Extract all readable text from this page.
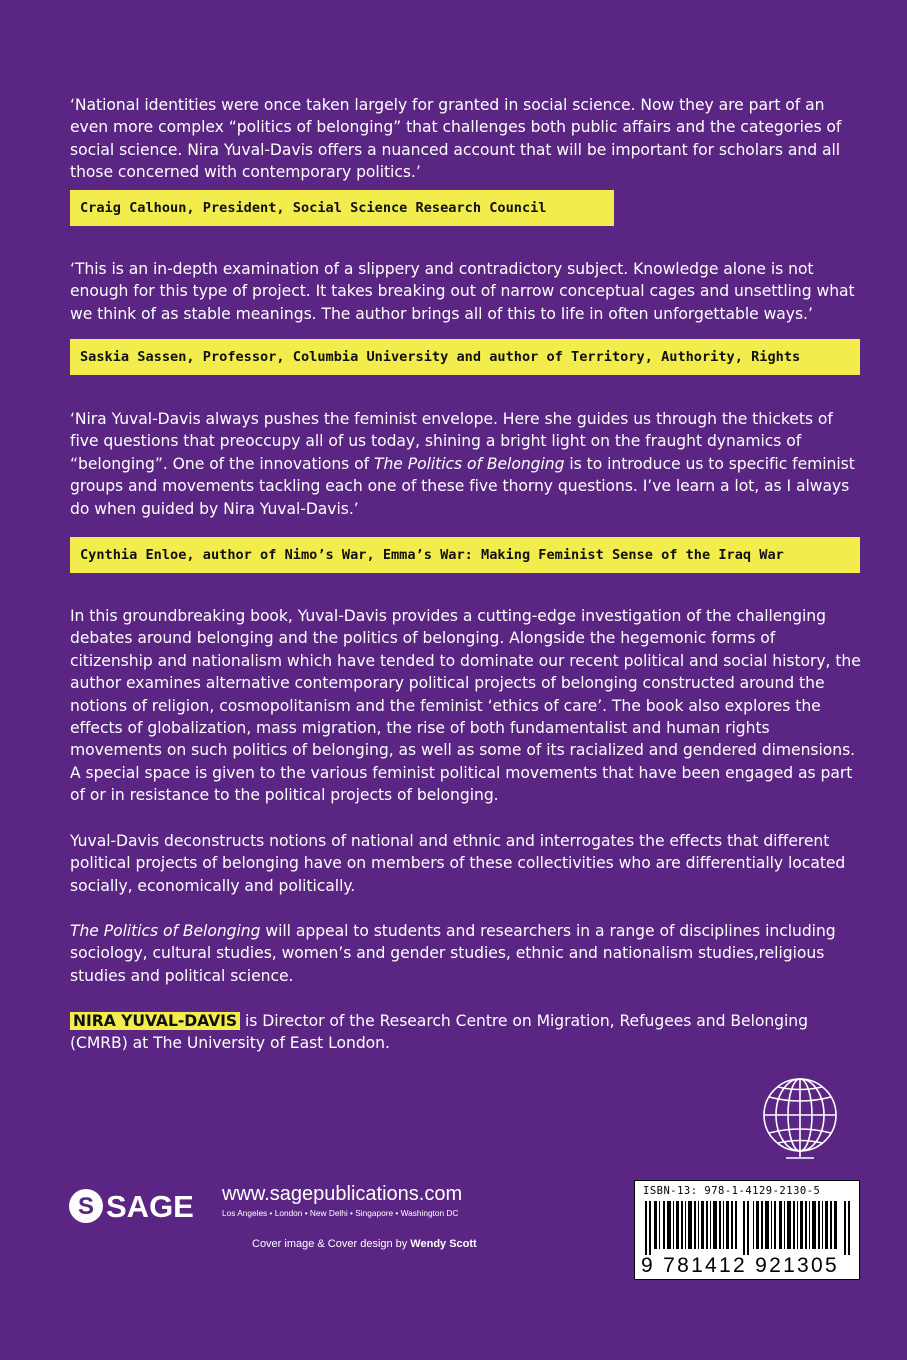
‘National identities were once taken largely for granted in social science. Now they are part of an even more complex “politics of belonging” that challenges both public affairs and the categories of social science. Nira Yuval-Davis offers a nuanced account that will be important for scholars and all those concerned with contemporary politics.’

Craig Calhoun, President, Social Science Research Council

‘This is an in-depth examination of a slippery and contradictory subject. Knowledge alone is not enough for this type of project. It takes breaking out of narrow conceptual cages and unsettling what we think of as stable meanings. The author brings all of this to life in often unforgettable ways.’

Saskia Sassen, Professor, Columbia University and author of Territory, Authority, Rights

‘Nira Yuval-Davis always pushes the feminist envelope. Here she guides us through the thickets of five questions that preoccupy all of us today, shining a bright light on the fraught dynamics of “belonging”. One of the innovations of The Politics of Belonging is to introduce us to specific feminist groups and movements tackling each one of these five thorny questions. I’ve learn a lot, as I always do when guided by Nira Yuval-Davis.’

Cynthia Enloe, author of Nimo’s War, Emma’s War: Making Feminist Sense of the Iraq War

In this groundbreaking book, Yuval-Davis provides a cutting-edge investigation of the challenging debates around belonging and the politics of belonging. Alongside the hegemonic forms of citizenship and nationalism which have tended to dominate our recent political and social history, the author examines alternative contemporary political projects of belonging constructed around the notions of religion, cosmopolitanism and the feminist ‘ethics of care’. The book also explores the effects of globalization, mass migration, the rise of both fundamentalist and human rights movements on such politics of belonging, as well as some of its racialized and gendered dimensions. A special space is given to the various feminist political movements that have been engaged as part of or in resistance to the political projects of belonging.

Yuval-Davis deconstructs notions of national and ethnic and interrogates the effects that different political projects of belonging have on members of these collectivities who are differentially located socially, economically and politically.

The Politics of Belonging will appeal to students and researchers in a range of disciplines including sociology, cultural studies, women’s and gender studies, ethnic and nationalism studies,religious studies and political science.

NIRA YUVAL-DAVIS is Director of the Research Centre on Migration, Refugees and Belonging (CMRB) at The University of East London.

ISBN-13: 978-1-4129-2130-5
9 781412 921305
S SAGE www.sagepublications.com
Los Angeles • London • New Delhi • Singapore • Washington DC
Cover image & Cover design by Wendy Scott
